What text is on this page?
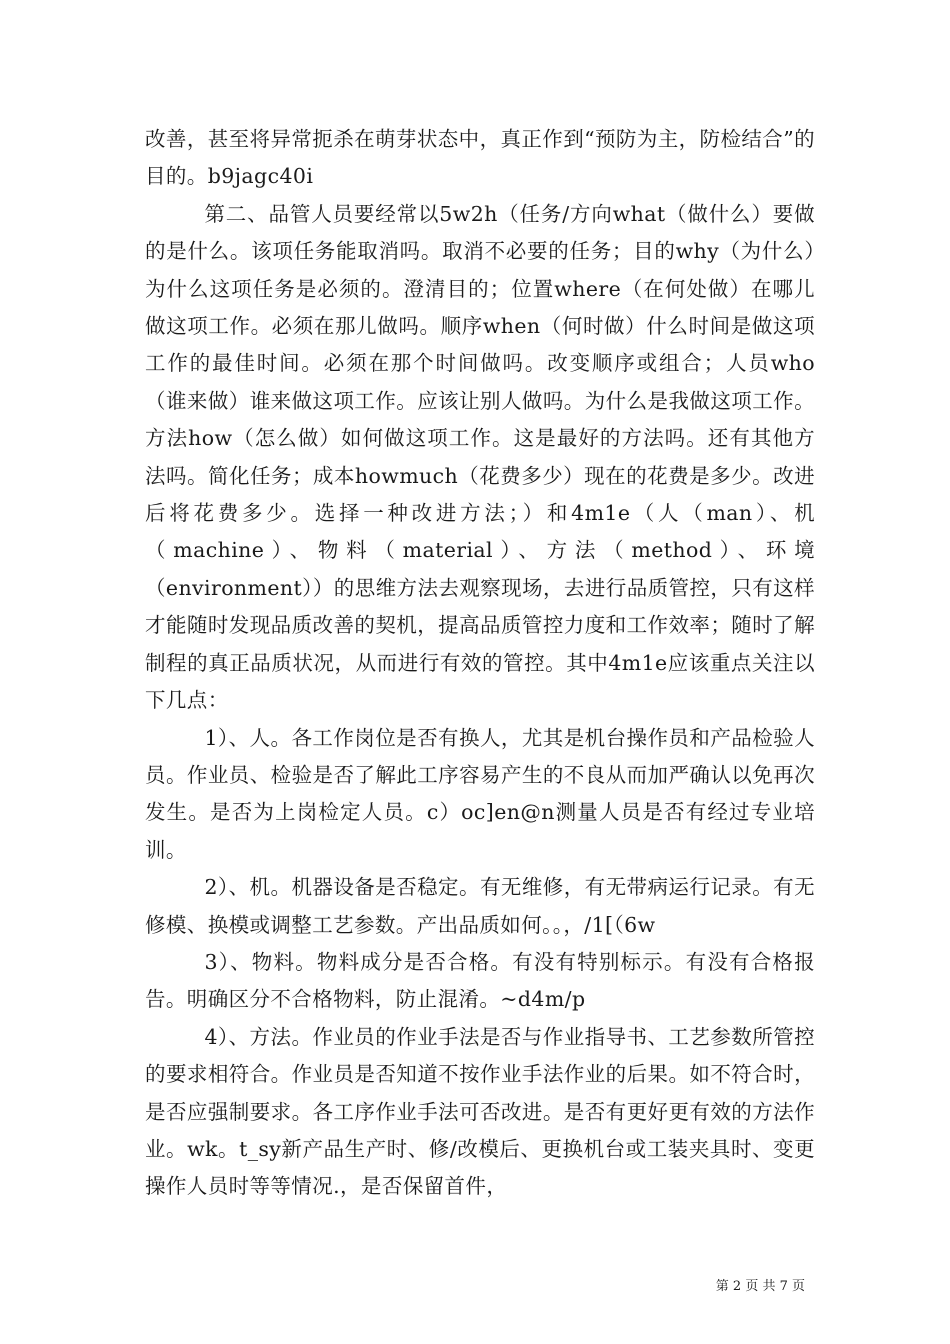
改善，甚至将异常扼杀在萌芽状态中，真正作到“预防为主，防检结合”的目的。b9jagc40i

第二、品管人员要经常以5w2h（任务/方向what（做什么）要做的是什么。该项任务能取消吗。取消不必要的任务；目的why（为什么）为什么这项任务是必须的。澄清目的；位置where（在何处做）在哪儿做这项工作。必须在那儿做吗。顺序when（何时做）什么时间是做这项工作的最佳时间。必须在那个时间做吗。改变顺序或组合；人员who（谁来做）谁来做这项工作。应该让别人做吗。为什么是我做这项工作。方法how（怎么做）如何做这项工作。这是最好的方法吗。还有其他方法吗。简化任务；成本howmuch（花费多少）现在的花费是多少。改进后将花费多少。选择一种改进方法；）和4m1e（人（man）、机（machine）、物料（material）、方法（method）、环境（environment））的思维方法去观察现场，去进行品质管控，只有这样才能随时发现品质改善的契机，提高品质管控力度和工作效率；随时了解制程的真正品质状况，从而进行有效的管控。其中4m1e应该重点关注以下几点：

1）、人。各工作岗位是否有换人，尤其是机台操作员和产品检验人员。作业员、检验是否了解此工序容易产生的不良从而加严确认以免再次发生。是否为上岗检定人员。c）oc]en@n测量人员是否有经过专业培训。

2）、机。机器设备是否稳定。有无维修，有无带病运行记录。有无修模、换模或调整工艺参数。产出品质如何。。，/1[（6w

3）、物料。物料成分是否合格。有没有特别标示。有没有合格报告。明确区分不合格物料，防止混淆。~d4m/p

4）、方法。作业员的作业手法是否与作业指导书、工艺参数所管控的要求相符合。作业员是否知道不按作业手法作业的后果。如不符合时，是否应强制要求。各工序作业手法可否改进。是否有更好更有效的方法作业。wk。t_sy新产品生产时、修/改模后、更换机台或工装夹具时、变更操作人员时等等情况.，是否保留首件，

第 2 页 共 7 页
